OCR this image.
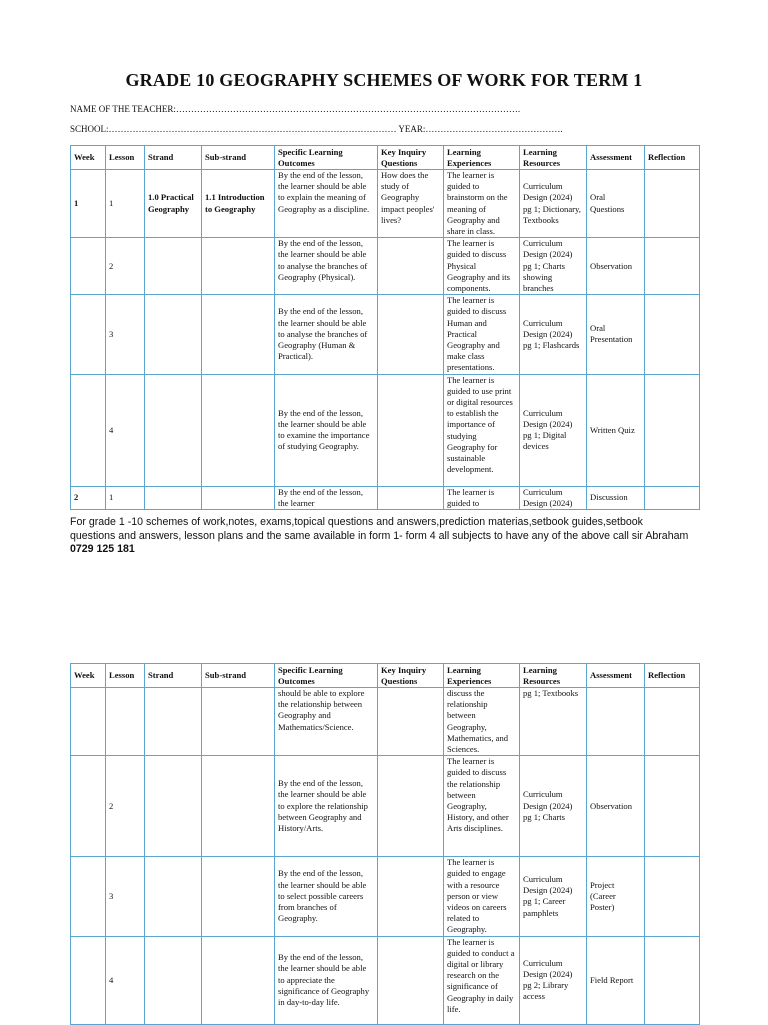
GRADE 10 GEOGRAPHY SCHEMES OF WORK FOR TERM 1
NAME OF THE TEACHER:…………………………………………………………………………………………………….
SCHOOL:…………………………………………………………………………………… YEAR:……………………………………….
Week	Lesson	Strand	Sub-strand	Specific Learning Outcomes	Key Inquiry Questions	Learning Experiences	Learning Resources	Assessment	Reflection
1	1	1.0 Practical Geography	1.1 Introduction to Geography	By the end of the lesson, the learner should be able to explain the meaning of Geography as a discipline.	How does the study of Geography impact peoples' lives?	The learner is guided to brainstorm on the meaning of Geography and share in class.	Curriculum Design (2024) pg 1; Dictionary, Textbooks	Oral Questions	
	2			By the end of the lesson, the learner should be able to analyse the branches of Geography (Physical).		The learner is guided to discuss Physical Geography and its components.	Curriculum Design (2024) pg 1; Charts showing branches	Observation	
	3			By the end of the lesson, the learner should be able to analyse the branches of Geography (Human & Practical).		The learner is guided to discuss Human and Practical Geography and make class presentations.	Curriculum Design (2024) pg 1; Flashcards	Oral Presentation	
	4			By the end of the lesson, the learner should be able to examine the importance of studying Geography.		The learner is guided to use print or digital resources to establish the importance of studying Geography for sustainable development.	Curriculum Design (2024) pg 1; Digital devices	Written Quiz	
2	1			By the end of the lesson, the learner		The learner is guided to	Curriculum Design (2024)	Discussion	
For grade 1 -10 schemes of work,notes, exams,topical questions and answers,prediction materias,setbook guides,setbook questions and answers, lesson plans and the same available in form 1- form 4 all subjects to have any of the above call sir Abraham 0729 125 181
Week	Lesson	Strand	Sub-strand	Specific Learning Outcomes	Key Inquiry Questions	Learning Experiences	Learning Resources	Assessment	Reflection
				should be able to explore the relationship between Geography and Mathematics/Science.		discuss the relationship between Geography, Mathematics, and Sciences.	pg 1; Textbooks		
	2			By the end of the lesson, the learner should be able to explore the relationship between Geography and History/Arts.		The learner is guided to discuss the relationship between Geography, History, and other Arts disciplines.	Curriculum Design (2024) pg 1; Charts	Observation	
	3			By the end of the lesson, the learner should be able to select possible careers from branches of Geography.		The learner is guided to engage with a resource person or view videos on careers related to Geography.	Curriculum Design (2024) pg 1; Career pamphlets	Project (Career Poster)	
	4			By the end of the lesson, the learner should be able to appreciate the significance of Geography in day-to-day life.		The learner is guided to conduct a digital or library research on the significance of Geography in daily life.	Curriculum Design (2024) pg 2; Library access	Field Report	
